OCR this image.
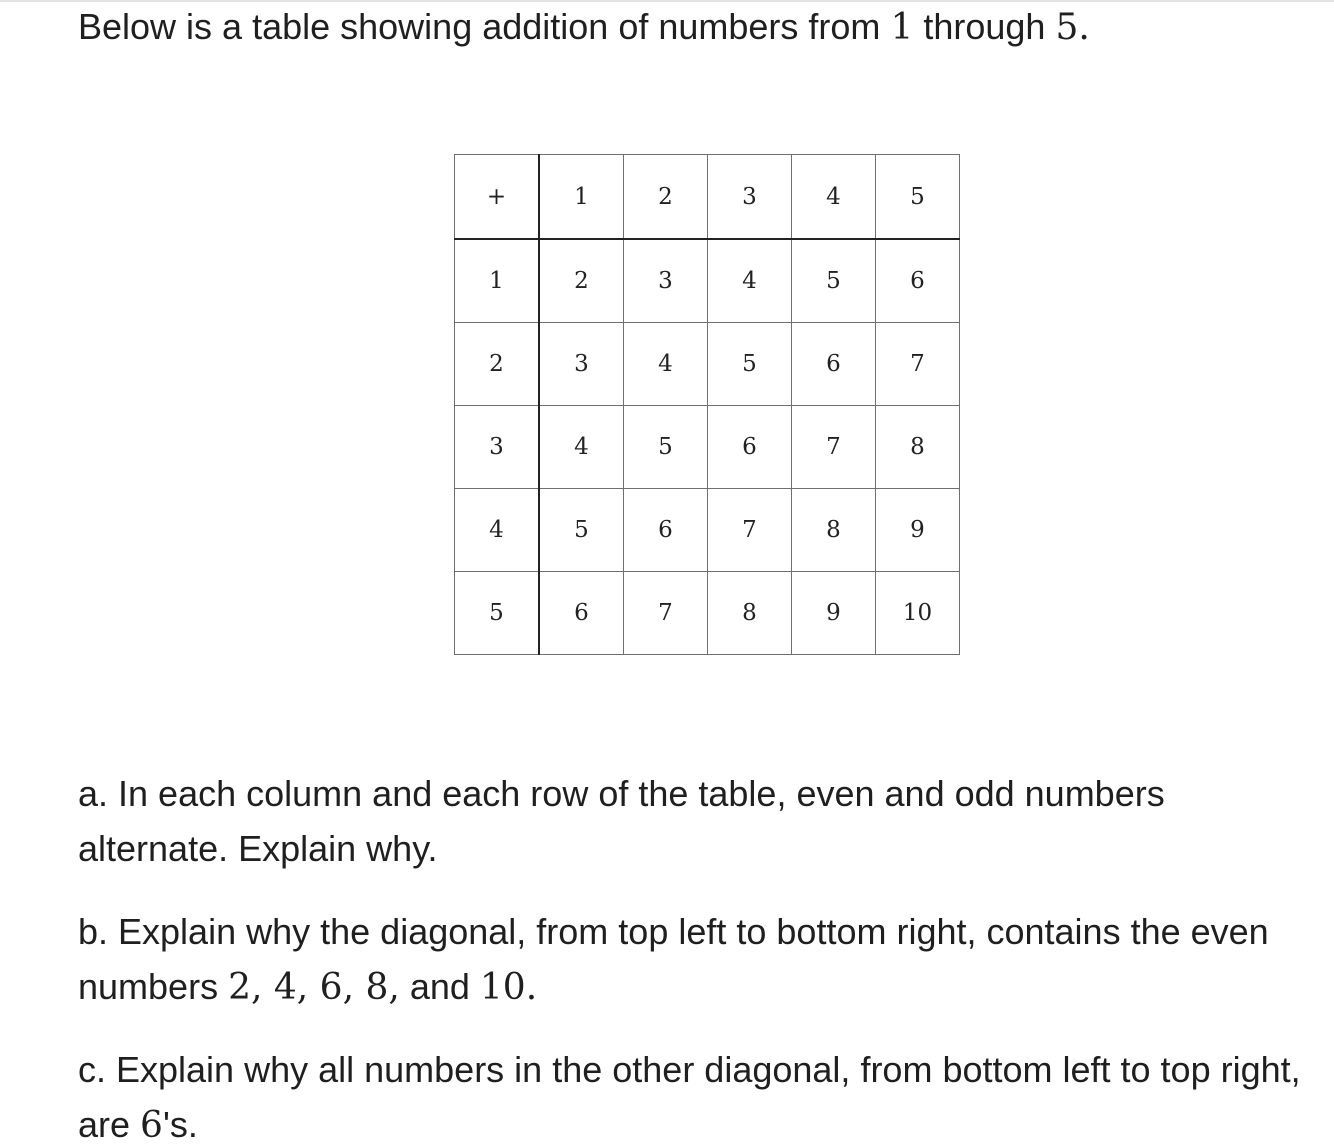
Below is a table showing addition of numbers from 1 through 5.

+	1	2	3	4	5
1	2	3	4	5	6
2	3	4	5	6	7
3	4	5	6	7	8
4	5	6	7	8	9
5	6	7	8	9	10

a. In each column and each row of the table, even and odd numbers alternate. Explain why.

b. Explain why the diagonal, from top left to bottom right, contains the even numbers 2, 4, 6, 8, and 10.

c. Explain why all numbers in the other diagonal, from bottom left to top right, are 6's.
